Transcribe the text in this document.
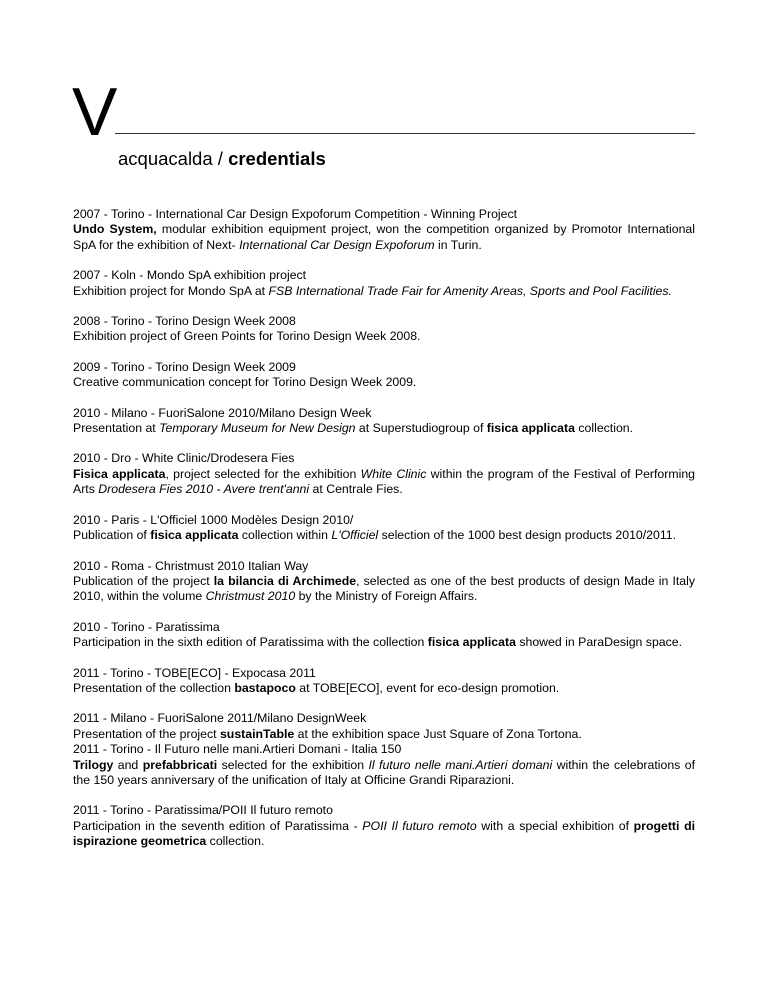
V
acquacalda / credentials
2007 - Torino - International Car Design Expoforum Competition - Winning Project
Undo System, modular exhibition equipment project, won the competition organized by Promotor International SpA for the exhibition of Next- International Car Design Expoforum in Turin.
2007 - Koln - Mondo SpA exhibition project
Exhibition project for Mondo SpA at FSB International Trade Fair for Amenity Areas, Sports and Pool Facilities.
2008 - Torino - Torino Design Week 2008
Exhibition project of Green Points for Torino Design Week 2008.
2009 - Torino - Torino Design Week 2009
Creative communication concept for Torino Design Week 2009.
2010 - Milano - FuoriSalone 2010/Milano Design Week
Presentation at Temporary Museum for New Design at Superstudiogroup of fisica applicata collection.
2010 - Dro - White Clinic/Drodesera Fies
Fisica applicata, project selected for the exhibition White Clinic within the program of the Festival of Performing Arts Drodesera Fies 2010 - Avere trent'anni at Centrale Fies.
2010 - Paris - L'Officiel 1000 Modèles Design 2010/
Publication of fisica applicata collection within L'Officiel selection of the 1000 best design products 2010/2011.
2010 - Roma - Christmust 2010 Italian Way
Publication of the project la bilancia di Archimede, selected as one of the best products of design Made in Italy 2010, within the volume Christmust 2010 by the Ministry of Foreign Affairs.
2010 - Torino - Paratissima
Participation in the sixth edition of Paratissima with the collection fisica applicata showed in ParaDesign space.
2011 - Torino - TOBE[ECO] - Expocasa 2011
Presentation of the collection bastapoco at TOBE[ECO], event for eco-design promotion.
2011 - Milano - FuoriSalone 2011/Milano DesignWeek
Presentation of the project sustainTable at the exhibition space Just Square of Zona Tortona.
2011 - Torino - Il Futuro nelle mani.Artieri Domani - Italia 150
Trilogy and prefabbricati selected for the exhibition Il futuro nelle mani.Artieri domani within the celebrations of the 150 years anniversary of the unification of Italy at Officine Grandi Riparazioni.
2011 - Torino - Paratissima/POII Il futuro remoto
Participation in the seventh edition of Paratissima - POII Il futuro remoto with a special exhibition of progetti di ispirazione geometrica collection.
